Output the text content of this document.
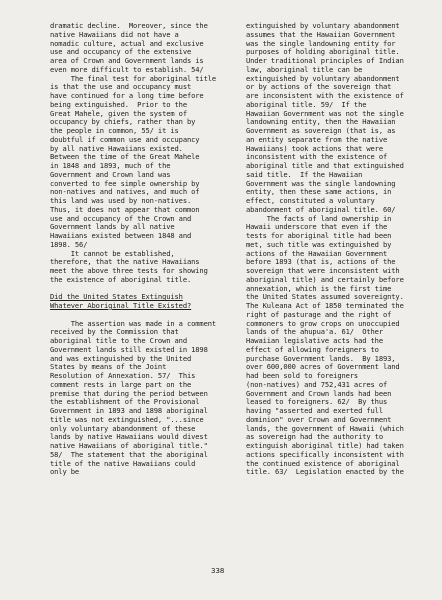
dramatic decline.  Moreover, since the
native Hawaiians did not have a
nomadic culture, actual and exclusive
use and occupancy of the extensive
area of Crown and Government lands is
even more difficult to establish. 54/
The final test for aboriginal title
is that the use and occupancy must
have continued for a long time before
being extinguished.  Prior to the
Great Mahele, given the system of
occupancy by chiefs, rather than by
the people in common, 55/ it is
doubtful if common use and occupancy
by all native Hawaiians existed.
Between the time of the Great Mahele
in 1848 and 1893, much of the
Government and Crown land was
converted to fee simple ownership by
non-natives and natives, and much of
this land was used by non-natives.
Thus, it does not appear that common
use and occupancy of the Crown and
Government lands by all native
Hawaiians existed between 1848 and
1898. 56/
It cannot be established,
therefore, that the native Hawaiians
meet the above three tests for showing
the existence of aboriginal title.
Did the United States Extinguish
Whatever Aboriginal Title Existed?
The assertion was made in a comment
received by the Commission that
aboriginal title to the Crown and
Government lands still existed in 1898
and was extinguished by the United
States by means of the Joint
Resolution of Annexation. 57/  This
comment rests in large part on the
premise that during the period between
the establishment of the Provisional
Government in 1893 and 1898 aboriginal
title was not extinguished, "...since
only voluntary abandonment of these
lands by native Hawaiians would divest
native Hawaiians of aboriginal title."
58/  The statement that the aboriginal
title of the native Hawaiians could
only be
extinguished by voluntary abandonment
assumes that the Hawaiian Government
was the single landowning entity for
purposes of holding aboriginal title.
Under traditional principles of Indian
law, aboriginal title can be
extinguished by voluntary abandonment
or by actions of the sovereign that
are inconsistent with the existence of
aboriginal title. 59/  If the
Hawaiian Government was not the single
landowning entity, then the Hawaiian
Government as sovereign (that is, as
an entity separate from the native
Hawaiians) took actions that were
inconsistent with the existence of
aboriginal title and that extinguished
said title.  If the Hawaiian
Government was the single landowning
entity, then these same actions, in
effect, constituted a voluntary
abandonment of aboriginal title. 60/
The facts of land ownership in
Hawaii underscore that even if the
tests for aboriginal title had been
met, such title was extinguished by
actions of the Hawaiian Government
before 1893 (that is, actions of the
sovereign that were inconsistent with
aboriginal title) and certainly before
annexation, which is the first time
the United States assumed sovereignty.
The Kuleana Act of 1850 terminated the
right of pasturage and the right of
commoners to grow crops on unoccupied
lands of the ahupua'a. 61/  Other
Hawaiian legislative acts had the
effect of allowing foreigners to
purchase Government lands.  By 1893,
over 600,000 acres of Government land
had been sold to foreigners
(non-natives) and 752,431 acres of
Government and Crown lands had been
leased to foreigners. 62/  By thus
having "asserted and exerted full
dominion" over Crown and Government
lands, the government of Hawaii (which
as sovereign had the authority to
extinguish aboriginal title) had taken
actions specifically inconsistent with
the continued existence of aboriginal
title. 63/  Legislation enacted by the
338
